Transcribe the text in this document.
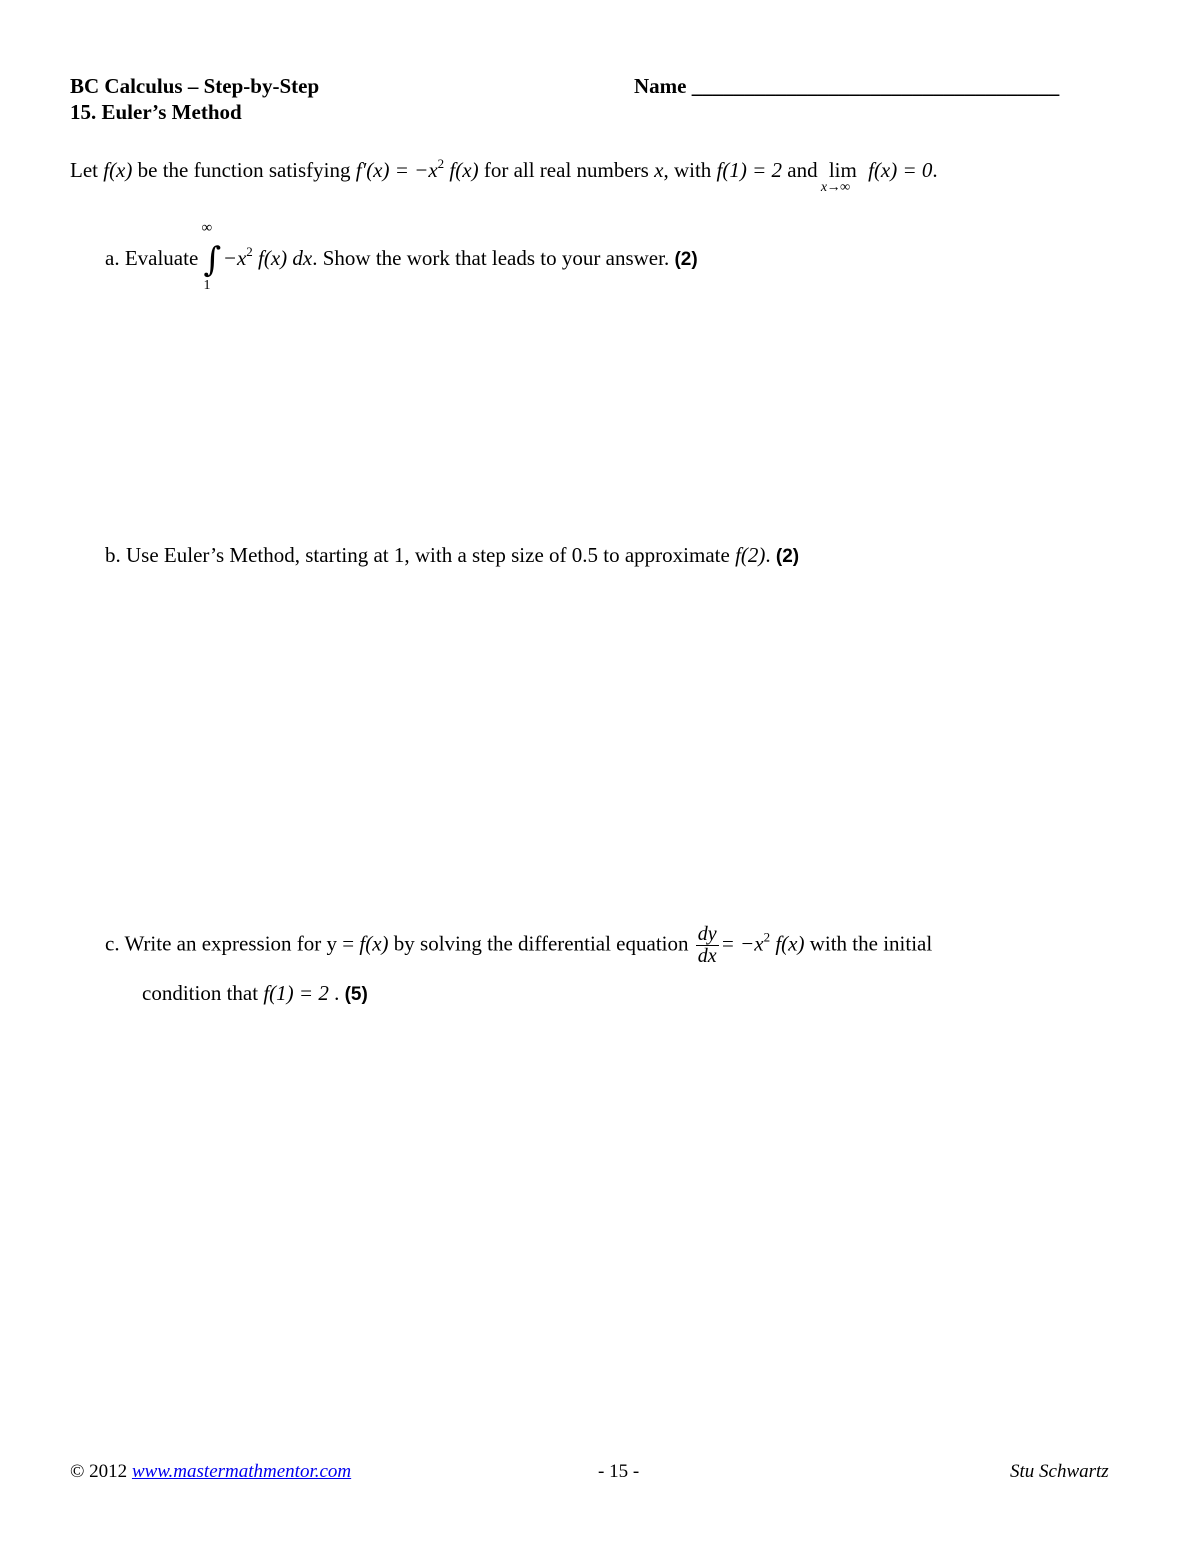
BC Calculus – Step-by-Step
15. Euler’s Method
Name ___________________________________
Let f(x) be the function satisfying $f'(x) = -x^2$ f(x) for all real numbers x, with f(1) = 2 and lim
x→∞
f(x) = 0.
a. Evaluate
∞
∫
1
$-x^2$ f(x) dx. Show the work that leads to your answer. (2)
b. Use Euler’s Method, starting at 1, with a step size of 0.5 to approximate f(2). (2)
c. Write an expression for y = f(x) by solving the differential equation $\frac{dy}{dx} = -x^2$ f(x) with the initial
condition that f(1) = 2 . (5)
© 2012 www.mastermathmentor.com	- 15 -	Stu Schwartz
